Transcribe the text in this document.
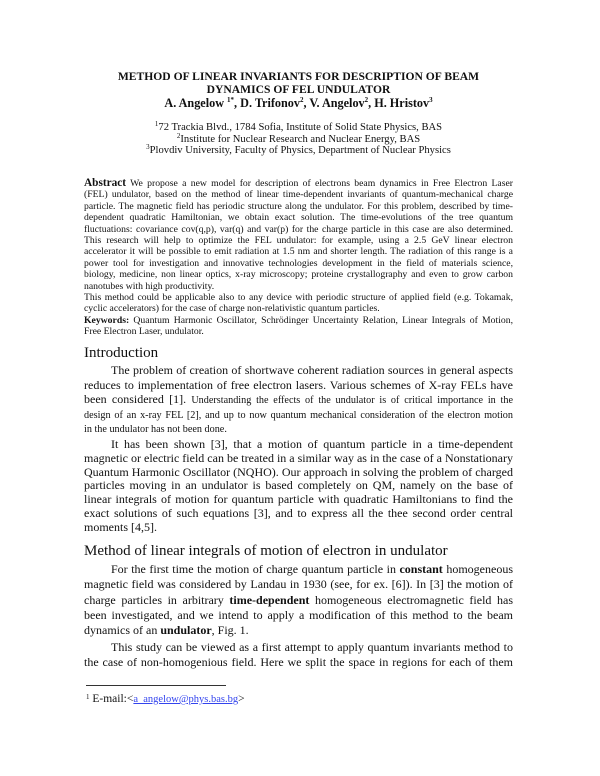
METHOD OF LINEAR INVARIANTS FOR DESCRIPTION OF BEAM
DYNAMICS OF FEL UNDULATOR
A. Angelow $^{1*}$, D. Trifonov$^2$, V. Angelov$^2$, H. Hristov$^3$
$^1$72 Trackia Blvd., 1784 Sofia, Institute of Solid State Physics, BAS
$^2$Institute for Nuclear Research and Nuclear Energy, BAS
$^3$Plovdiv University, Faculty of Physics, Department of Nuclear Physics
Abstract We propose a new model for description of electrons beam dynamics in Free Electron Laser
(FEL) undulator, based on the method of linear time-dependent invariants of quantum-mechanical charge
particle. The magnetic field has periodic structure along the undulator. For this problem, described by time-
dependent quadratic Hamiltonian, we obtain exact solution. The time-evolutions of the tree quantum
fluctuations: covariance cov(q,p), var(q) and var(p) for the charge particle in this case are also determined.
This research will help to optimize the FEL undulator: for example, using a 2.5 GeV linear electron
accelerator it will be possible to emit radiation at 1.5 nm and shorter length. The radiation of this range is a
power tool for investigation and innovative technologies development in the field of materials science,
biology, medicine, non linear optics, x-ray microscopy; proteine crystallography and even to grow carbon
nanotubes with high productivity.
This method could be applicable also to any device with periodic structure of applied field (e.g. Tokamak,
cyclic accelerators) for the case of charge non-relativistic quantum particles.
Keywords: Quantum Harmonic Oscillator, Schrödinger Uncertainty Relation, Linear Integrals of Motion,
Free Electron Laser, undulator.
Introduction
The problem of creation of shortwave coherent radiation sources in general aspects
reduces to implementation of free electron lasers. Various schemes of X-ray FELs have
been considered [1]. Understanding the effects of the undulator is of critical importance in the
design of an x-ray FEL [2], and up to now quantum mechanical consideration of the electron motion
in the undulator has not been done.
It has been shown [3], that a motion of quantum particle in a time-dependent
magnetic or electric field can be treated in a similar way as in the case of a Nonstationary
Quantum Harmonic Oscillator (NQHO). Our approach in solving the problem of charged
particles moving in an undulator is based completely on QM, namely on the base of
linear integrals of motion for quantum particle with quadratic Hamiltonians to find the
exact solutions of such equations [3], and to express all the thee second order central
moments [4,5].
Method of linear integrals of motion of electron in undulator
For the first time the motion of charge quantum particle in constant homogeneous
magnetic field was considered by Landau in 1930 (see, for ex. [6]). In [3] the motion of
charge particles in arbitrary time-dependent homogeneous electromagnetic field has
been investigated, and we intend to apply a modification of this method to the beam
dynamics of an undulator, Fig. 1.
This study can be viewed as a first attempt to apply quantum invariants method to
the case of non-homogenious field. Here we split the space in regions for each of them
$^1$ E-mail:<a_angelow@phys.bas.bg>
